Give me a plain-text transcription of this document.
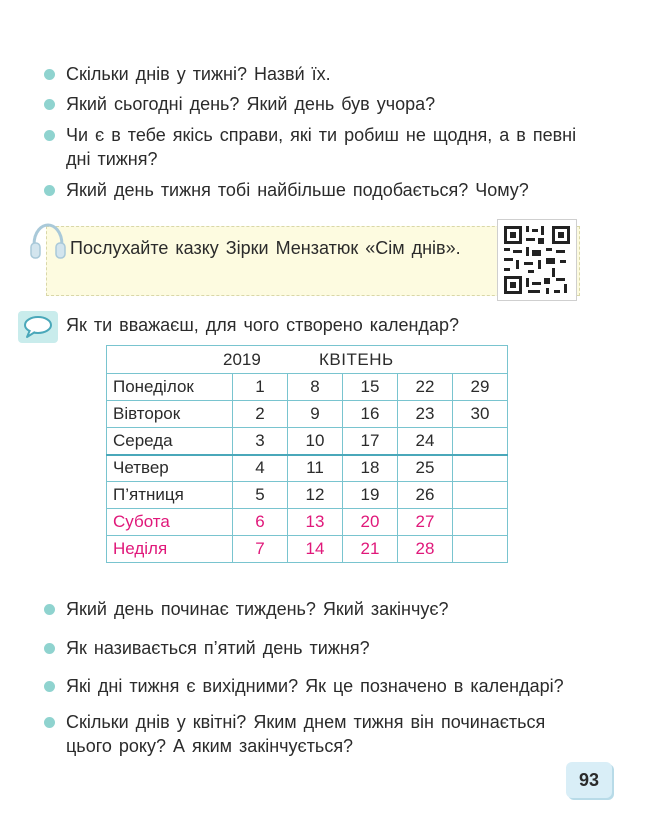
Скільки днів у тижні? Назви́ їх.
Який сьогодні день? Який день був учора?
Чи є в тебе якісь справи, які ти робиш не щодня, а в певні дні тижня?
Який день тижня тобі найбільше подобається? Чому?
Послухайте казку Зірки Мензатюк «Сім днів».
Як ти вважаєш, для чого створено календар?
2019 КВІТЕНЬ					

Понеділок	1	8	15	22	29
Вівторок	2	9	16	23	30
Середа	3	10	17	24	
Четвер	4	11	18	25	
П’ятниця	5	12	19	26	
Субота	6	13	20	27	
Неділя	7	14	21	28	
Який день починає тиждень? Який закінчує?
Як називається п’ятий день тижня?
Які дні тижня є вихідними? Як це позначено в календарі?
Скільки днів у квітні? Яким днем тижня він починається цього року? А яким закінчується?
93
